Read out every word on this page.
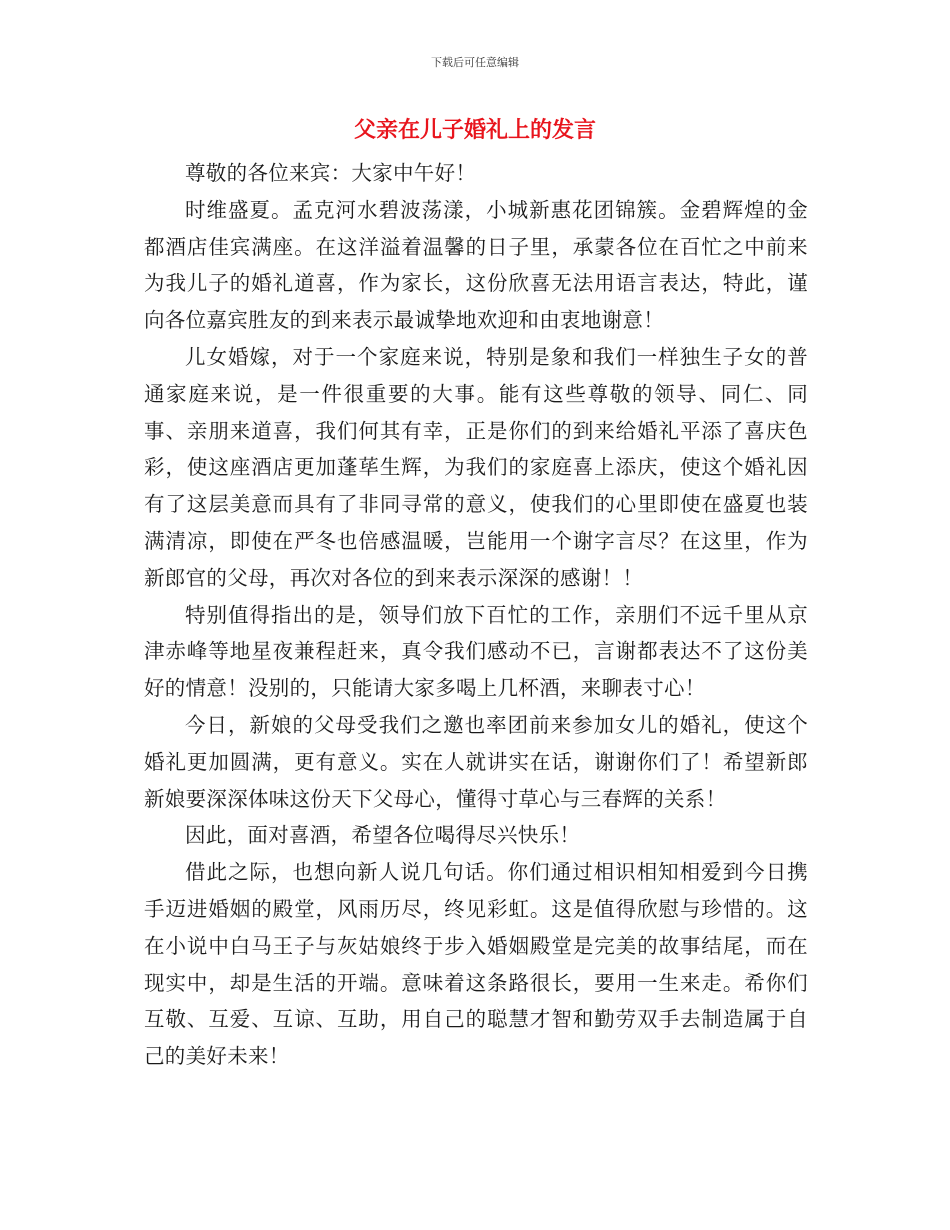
下载后可任意编辑
父亲在儿子婚礼上的发言

尊敬的各位来宾：大家中午好！

时维盛夏。孟克河水碧波荡漾，小城新惠花团锦簇。金碧辉煌的金都酒店佳宾满座。在这洋溢着温馨的日子里，承蒙各位在百忙之中前来为我儿子的婚礼道喜，作为家长，这份欣喜无法用语言表达，特此，谨向各位嘉宾胜友的到来表示最诚挚地欢迎和由衷地谢意！

儿女婚嫁，对于一个家庭来说，特别是象和我们一样独生子女的普通家庭来说，是一件很重要的大事。能有这些尊敬的领导、同仁、同事、亲朋来道喜，我们何其有幸，正是你们的到来给婚礼平添了喜庆色彩，使这座酒店更加蓬荜生辉，为我们的家庭喜上添庆，使这个婚礼因有了这层美意而具有了非同寻常的意义，使我们的心里即使在盛夏也装满清凉，即使在严冬也倍感温暖，岂能用一个谢字言尽？在这里，作为新郎官的父母，再次对各位的到来表示深深的感谢！！

特别值得指出的是，领导们放下百忙的工作，亲朋们不远千里从京津赤峰等地星夜兼程赶来，真令我们感动不已，言谢都表达不了这份美好的情意！没别的，只能请大家多喝上几杯酒，来聊表寸心！

今日，新娘的父母受我们之邀也率团前来参加女儿的婚礼，使这个婚礼更加圆满，更有意义。实在人就讲实在话，谢谢你们了！希望新郎新娘要深深体味这份天下父母心，懂得寸草心与三春辉的关系！

因此，面对喜酒，希望各位喝得尽兴快乐！

借此之际，也想向新人说几句话。你们通过相识相知相爱到今日携手迈进婚姻的殿堂，风雨历尽，终见彩虹。这是值得欣慰与珍惜的。这在小说中白马王子与灰姑娘终于步入婚姻殿堂是完美的故事结尾，而在现实中，却是生活的开端。意味着这条路很长，要用一生来走。希你们互敬、互爱、互谅、互助，用自己的聪慧才智和勤劳双手去制造属于自己的美好未来！
